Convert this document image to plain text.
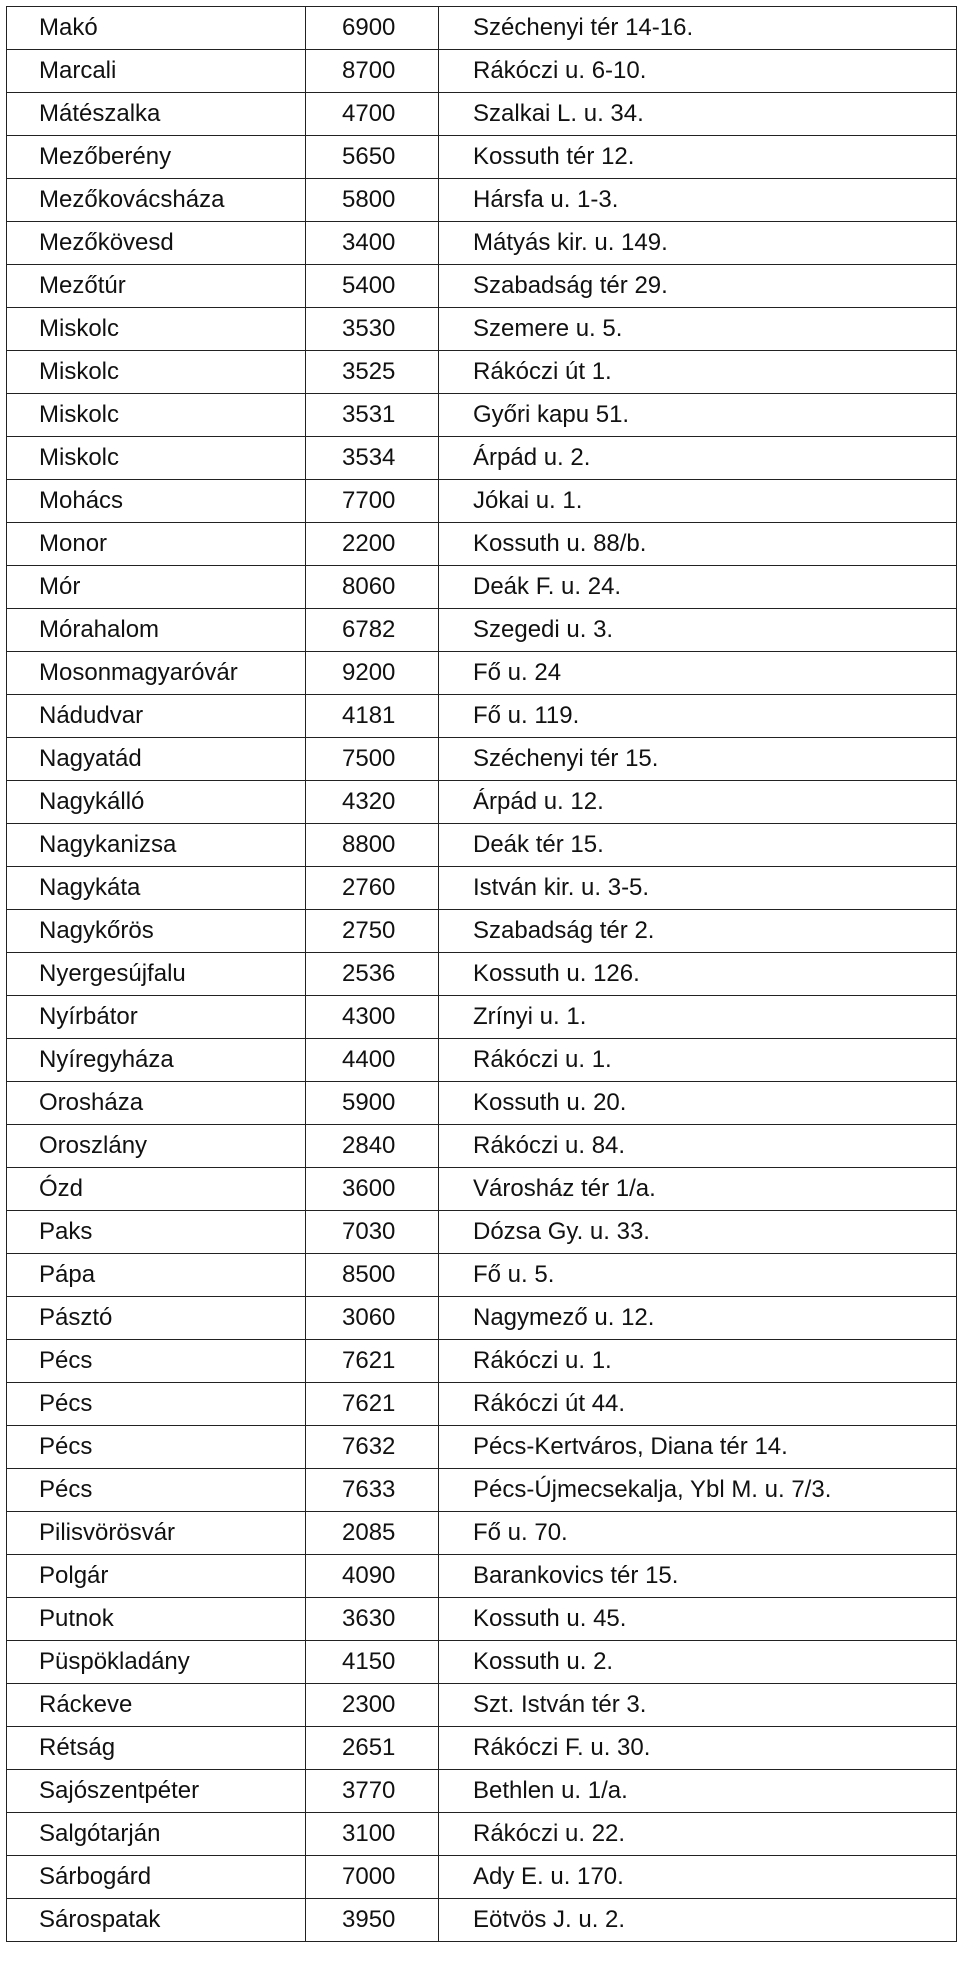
Makó	6900	Széchenyi tér 14-16.
Marcali	8700	Rákóczi u. 6-10.
Mátészalka	4700	Szalkai L. u. 34.
Mezőberény	5650	Kossuth tér 12.
Mezőkovácsháza	5800	Hársfa u. 1-3.
Mezőkövesd	3400	Mátyás kir. u. 149.
Mezőtúr	5400	Szabadság tér 29.
Miskolc	3530	Szemere u. 5.
Miskolc	3525	Rákóczi út 1.
Miskolc	3531	Győri kapu 51.
Miskolc	3534	Árpád u. 2.
Mohács	7700	Jókai u. 1.
Monor	2200	Kossuth u. 88/b.
Mór	8060	Deák F. u. 24.
Mórahalom	6782	Szegedi u. 3.
Mosonmagyaróvár	9200	Fő u. 24
Nádudvar	4181	Fő u. 119.
Nagyatád	7500	Széchenyi tér 15.
Nagykálló	4320	Árpád u. 12.
Nagykanizsa	8800	Deák tér 15.
Nagykáta	2760	István kir. u. 3-5.
Nagykőrös	2750	Szabadság tér 2.
Nyergesújfalu	2536	Kossuth u. 126.
Nyírbátor	4300	Zrínyi u. 1.
Nyíregyháza	4400	Rákóczi u. 1.
Orosháza	5900	Kossuth u. 20.
Oroszlány	2840	Rákóczi u. 84.
Ózd	3600	Városház tér 1/a.
Paks	7030	Dózsa Gy. u. 33.
Pápa	8500	Fő u. 5.
Pásztó	3060	Nagymező u. 12.
Pécs	7621	Rákóczi u. 1.
Pécs	7621	Rákóczi út 44.
Pécs	7632	Pécs-Kertváros, Diana tér 14.
Pécs	7633	Pécs-Újmecsekalja, Ybl M. u. 7/3.
Pilisvörösvár	2085	Fő u. 70.
Polgár	4090	Barankovics tér 15.
Putnok	3630	Kossuth u. 45.
Püspökladány	4150	Kossuth u. 2.
Ráckeve	2300	Szt. István tér 3.
Rétság	2651	Rákóczi F. u. 30.
Sajószentpéter	3770	Bethlen u. 1/a.
Salgótarján	3100	Rákóczi u. 22.
Sárbogárd	7000	Ady E. u. 170.
Sárospatak	3950	Eötvös J. u. 2.
